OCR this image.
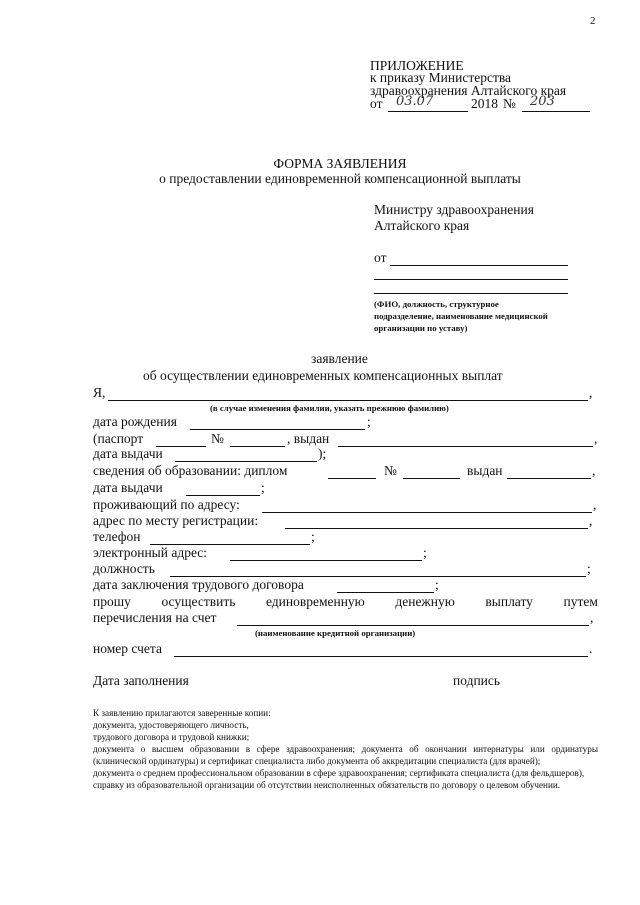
2
ПРИЛОЖЕНИЕ
к приказу Министерства
здравоохранения Алтайского края
от 03.07	2018 № 203
ФОРМА ЗАЯВЛЕНИЯ
о предоставлении единовременной компенсационной выплаты
Министру здравоохранения
Алтайского края
от
(ФИО, должность, структурное
подразделение, наименование медицинской
организации по уставу)
заявление
об осуществлении единовременных компенсационных выплат
Я,	,
(в случае изменения фамилии, указать прежнюю фамилию)
дата рождения	;
(паспорт	№	, выдан	,
дата выдачи	);
сведения об образовании: диплом	№	выдан	,
дата выдачи	;
проживающий по адресу:	,
адрес по месту регистрации:	,
телефон	;
электронный адрес:	;
должность	;
дата заключения трудового договора	;
прошу осуществить единовременную денежную выплату путем
перечисления на счет	,
(наименование кредитной организации)
номер счета	.
Дата заполнения	подпись
К заявлению прилагаются заверенные копии:
документа, удостоверяющего личность,
трудового договора и трудовой книжки;
документа о высшем образовании в сфере здравоохранения; документа об окончании интернатуры или ординатуры (клинической ординатуры) и сертификат специалиста либо документа об аккредитации специалиста (для врачей);
документа о среднем профессиональном образовании в сфере здравоохранения; сертификата специалиста (для фельдшеров),
справку из образовательной организации об отсутствии неисполненных обязательств по договору о целевом обучении.
